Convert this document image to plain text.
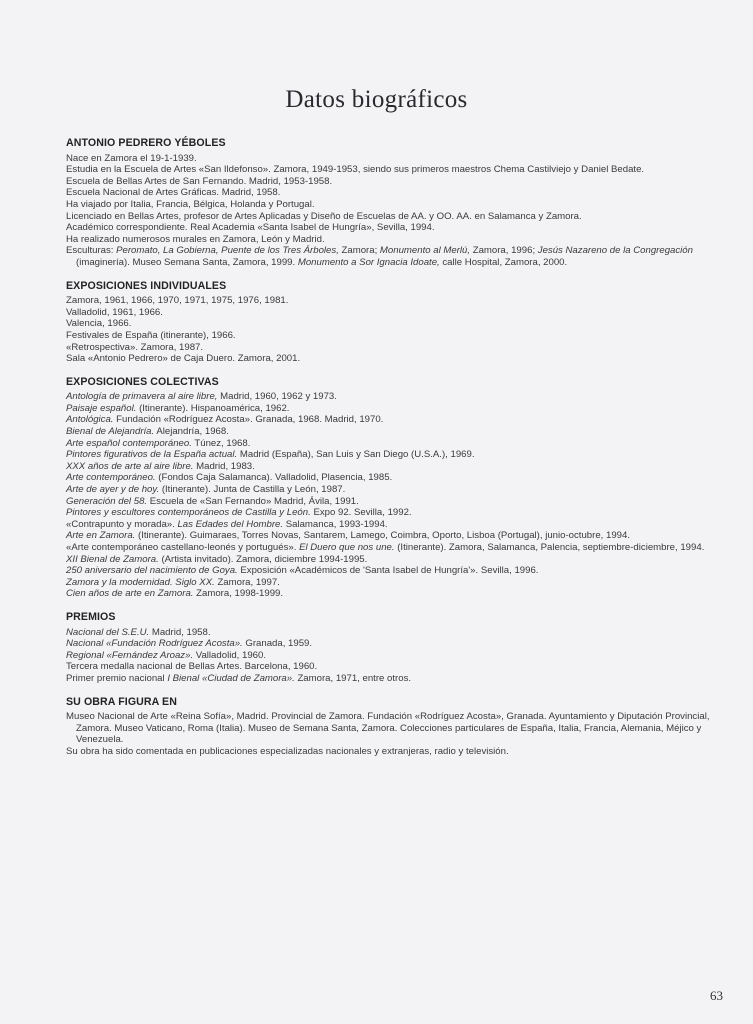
Datos biográficos
ANTONIO PEDRERO YÉBOLES
Nace en Zamora el 19-1-1939.
Estudia en la Escuela de Artes «San Ildefonso». Zamora, 1949-1953, siendo sus primeros maestros Chema Castilviejo y Daniel Bedate.
Escuela de Bellas Artes de San Fernando. Madrid, 1953-1958.
Escuela Nacional de Artes Gráficas. Madrid, 1958.
Ha viajado por Italia, Francia, Bélgica, Holanda y Portugal.
Licenciado en Bellas Artes, profesor de Artes Aplicadas y Diseño de Escuelas de AA. y OO. AA. en Salamanca y Zamora.
Académico correspondiente. Real Academia «Santa Isabel de Hungría», Sevilla, 1994.
Ha realizado numerosos murales en Zamora, León y Madrid.
Esculturas: Peromato, La Gobierna, Puente de los Tres Árboles, Zamora; Monumento al Merlú, Zamora, 1996; Jesús Nazareno de la Congregación (imaginería). Museo Semana Santa, Zamora, 1999. Monumento a Sor Ignacia Idoate, calle Hospital, Zamora, 2000.
EXPOSICIONES INDIVIDUALES
Zamora, 1961, 1966, 1970, 1971, 1975, 1976, 1981.
Valladolid, 1961, 1966.
Valencia, 1966.
Festivales de España (itinerante), 1966.
«Retrospectiva». Zamora, 1987.
Sala «Antonio Pedrero» de Caja Duero. Zamora, 2001.
EXPOSICIONES COLECTIVAS
Antología de primavera al aire libre, Madrid, 1960, 1962 y 1973.
Paisaje español. (Itinerante). Hispanoamérica, 1962.
Antológica. Fundación «Rodríguez Acosta». Granada, 1968. Madrid, 1970.
Bienal de Alejandría. Alejandría, 1968.
Arte español contemporáneo. Túnez, 1968.
Pintores figurativos de la España actual. Madrid (España), San Luis y San Diego (U.S.A.), 1969.
XXX años de arte al aire libre. Madrid, 1983.
Arte contemporáneo. (Fondos Caja Salamanca). Valladolid, Plasencia, 1985.
Arte de ayer y de hoy. (Itinerante). Junta de Castilla y León, 1987.
Generación del 58. Escuela de «San Fernando» Madrid, Ávila, 1991.
Pintores y escultores contemporáneos de Castilla y León. Expo 92. Sevilla, 1992.
«Contrapunto y morada». Las Edades del Hombre. Salamanca, 1993-1994.
Arte en Zamora. (Itinerante). Guimaraes, Torres Novas, Santarem, Lamego, Coimbra, Oporto, Lisboa (Portugal), junio-octubre, 1994.
«Arte contemporáneo castellano-leonés y portugués». El Duero que nos une. (Itinerante). Zamora, Salamanca, Palencia, septiembre-diciembre, 1994.
XII Bienal de Zamora. (Artista invitado). Zamora, diciembre 1994-1995.
250 aniversario del nacimiento de Goya. Exposición «Académicos de 'Santa Isabel de Hungría'». Sevilla, 1996.
Zamora y la modernidad. Siglo XX. Zamora, 1997.
Cien años de arte en Zamora. Zamora, 1998-1999.
PREMIOS
Nacional del S.E.U. Madrid, 1958.
Nacional «Fundación Rodríguez Acosta». Granada, 1959.
Regional «Fernández Aroaz». Valladolid, 1960.
Tercera medalla nacional de Bellas Artes. Barcelona, 1960.
Primer premio nacional I Bienal «Ciudad de Zamora». Zamora, 1971, entre otros.
SU OBRA FIGURA EN
Museo Nacional de Arte «Reina Sofía», Madrid. Provincial de Zamora. Fundación «Rodríguez Acosta», Granada. Ayuntamiento y Diputación Provincial, Zamora. Museo Vaticano, Roma (Italia). Museo de Semana Santa, Zamora. Colecciones particulares de España, Italia, Francia, Alemania, Méjico y Venezuela.
Su obra ha sido comentada en publicaciones especializadas nacionales y extranjeras, radio y televisión.
63
